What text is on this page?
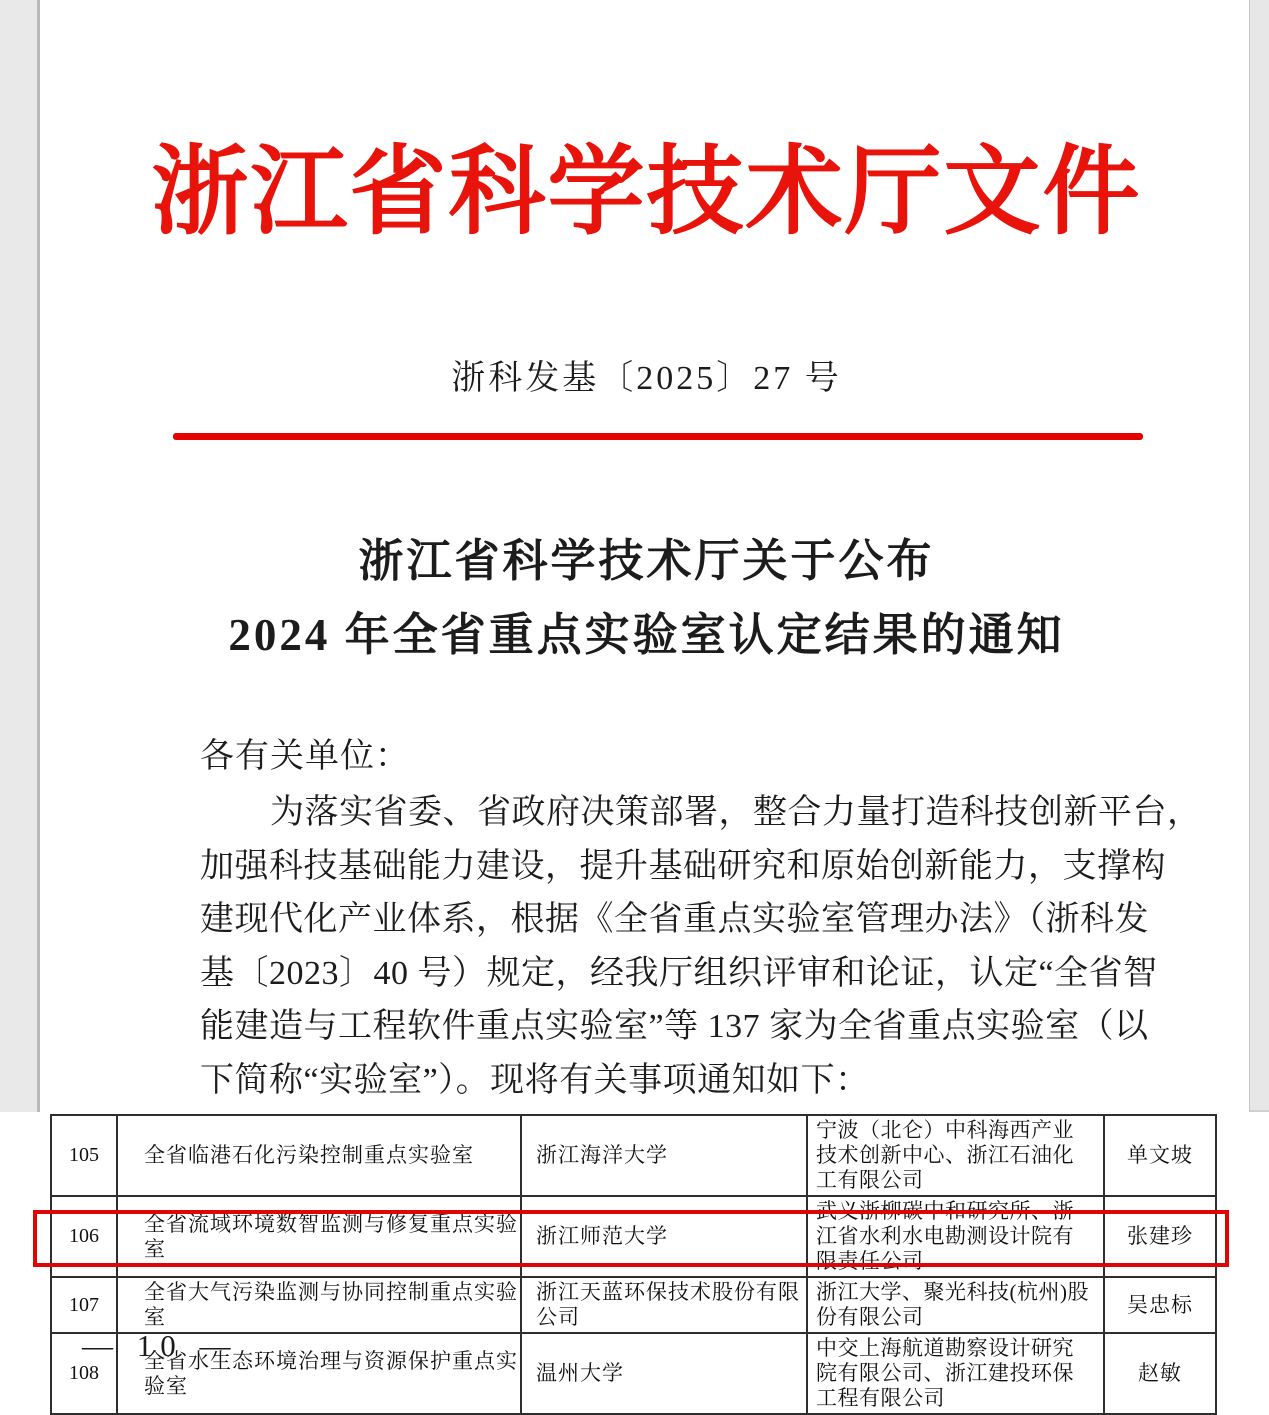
浙江省科学技术厅文件
浙科发基〔2025〕27 号
浙江省科学技术厅关于公布
2024 年全省重点实验室认定结果的通知
各有关单位：
为落实省委、省政府决策部署，整合力量打造科技创新平台，
加强科技基础能力建设，提升基础研究和原始创新能力，支撑构
建现代化产业体系，根据《全省重点实验室管理办法》（浙科发
基〔2023〕40 号）规定，经我厅组织评审和论证，认定“全省智
能建造与工程软件重点实验室”等 137 家为全省重点实验室（以
下简称“实验室”）。现将有关事项通知如下：
105	全省临港石化污染控制重点实验室	浙江海洋大学	宁波（北仑）中科海西产业技术创新中心、浙江石油化工有限公司	单文坡
106	全省流域环境数智监测与修复重点实验室	浙江师范大学	武义浙柳碳中和研究所、浙江省水利水电勘测设计院有限责任公司	张建珍
107	全省大气污染监测与协同控制重点实验室	浙江天蓝环保技术股份有限公司	浙江大学、聚光科技(杭州)股份有限公司	吴忠标
108	全省水生态环境治理与资源保护重点实验室	温州大学	中交上海航道勘察设计研究院有限公司、浙江建投环保工程有限公司	赵敏
— 10 —
